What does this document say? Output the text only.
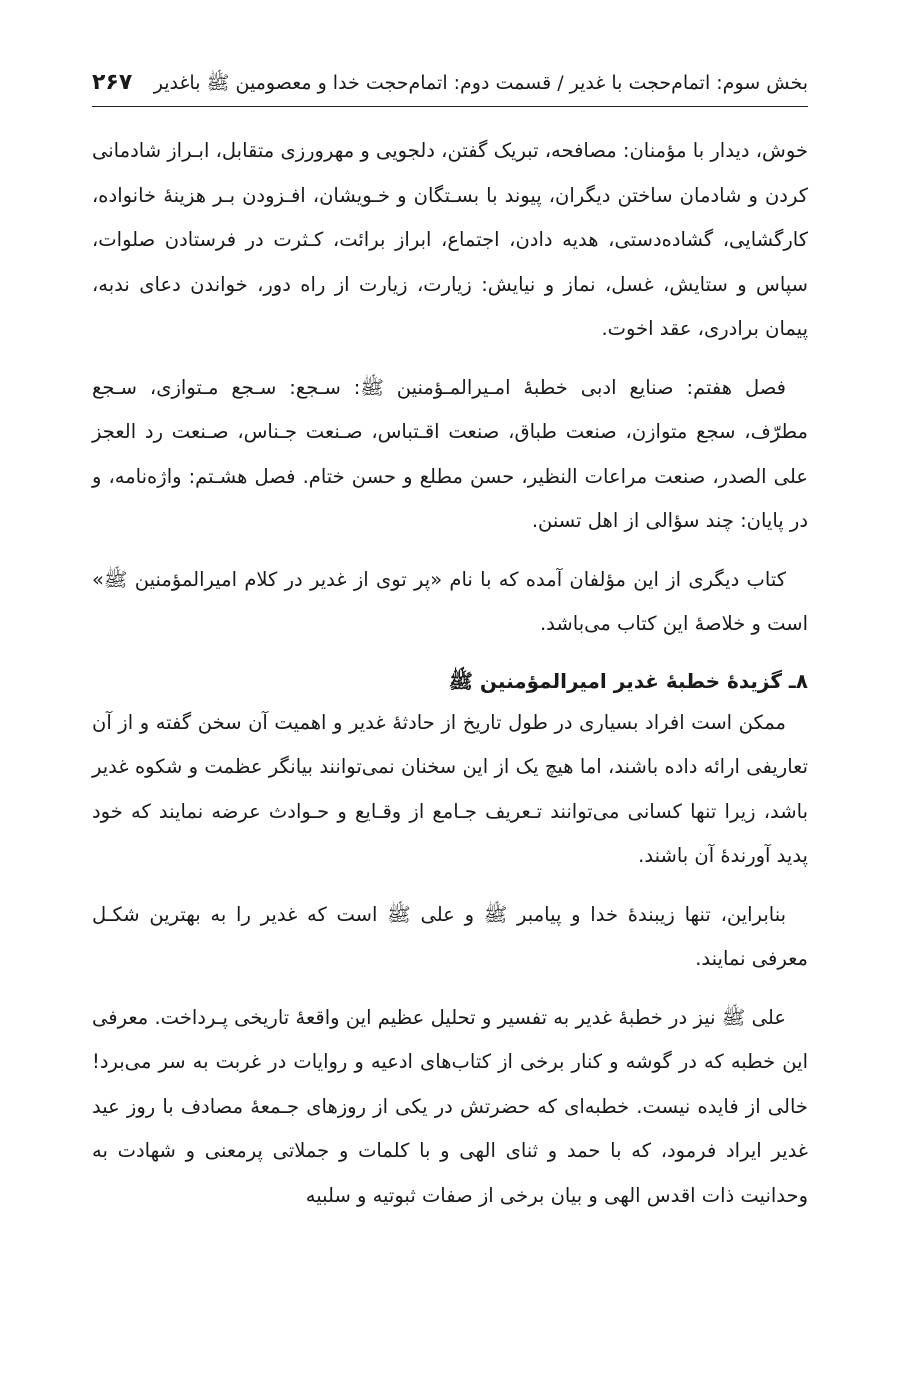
بخش سوم: اتمام‌حجت با غدیر / قسمت دوم: اتمام‌حجت خدا و معصومین ﷺ باغدیر
۲۶۷

خوش، دیدار با مؤمنان: مصافحه، تبریک گفتن، دلجویی و مهرورزی متقابل، ابـراز شادمانی کردن و شادمان ساختن دیگران، پیوند با بسـتگان و خـویشان، افـزودن بـر هزینهٔ خانواده، کارگشایی، گشاده‌دستی، هدیه دادن، اجتماع، ابراز برائت، کـثرت در فرستادن صلوات، سپاس و ستایش، غسل، نماز و نیایش: زیارت، زیارت از راه دور، خواندن دعای ندبه، پیمان برادری، عقد اخوت.

فصل هفتم: صنایع ادبی خطبهٔ امـیرالمـؤمنین ﷺ: سـجع: سـجع مـتوازی، سـجع مطرّف، سجع متوازن، صنعت طباق، صنعت اقـتباس، صـنعت جـناس، صـنعت رد العجز علی الصدر، صنعت مراعات النظیر، حسن مطلع و حسن ختام. فصل هشـتم: واژه‌نامه، و در پایان: چند سؤالی از اهل تسنن.

کتاب دیگری از این مؤلفان آمده که با نام «پر توی از غدیر در کلام امیرالمؤمنین ﷺ» است و خلاصهٔ این کتاب می‌باشد.

۸ـ گزیدهٔ خطبهٔ غدیر امیرالمؤمنین ﷺ

ممکن است افراد بسیاری در طول تاریخ از حادثهٔ غدیر و اهمیت آن سخن گفته و از آن تعاریفی ارائه داده باشند، اما هیچ یک از این سخنان نمی‌توانند بیانگر عظمت و شکوه غدیر باشد، زیرا تنها کسانی می‌توانند تـعریف جـامع از وقـایع و حـوادث عرضه نمایند که خود پدید آورندهٔ آن باشند.

بنابراین، تنها زیبندهٔ خدا و پیامبر ﷺ و علی ﷺ است که غدیر را به بهترین شکـل معرفی نمایند.

علی ﷺ نیز در خطبهٔ غدیر به تفسیر و تحلیل عظیم این واقعهٔ تاریخی پـرداخت. معرفی این خطبه که در گوشه و کنار برخی از کتاب‌های ادعیه و روایات در غربت به سر می‌برد! خالی از فایده نیست. خطبه‌ای که حضرتش در یکی از روزهای جـمعهٔ مصادف با روز عید غدیر ایراد فرمود، که با حمد و ثنای الهی و با کلمات و جملاتی پرمعنی و شهادت به وحدانیت ذات اقدس الهی و بیان برخی از صفات ثبوتیه و سلبیه
